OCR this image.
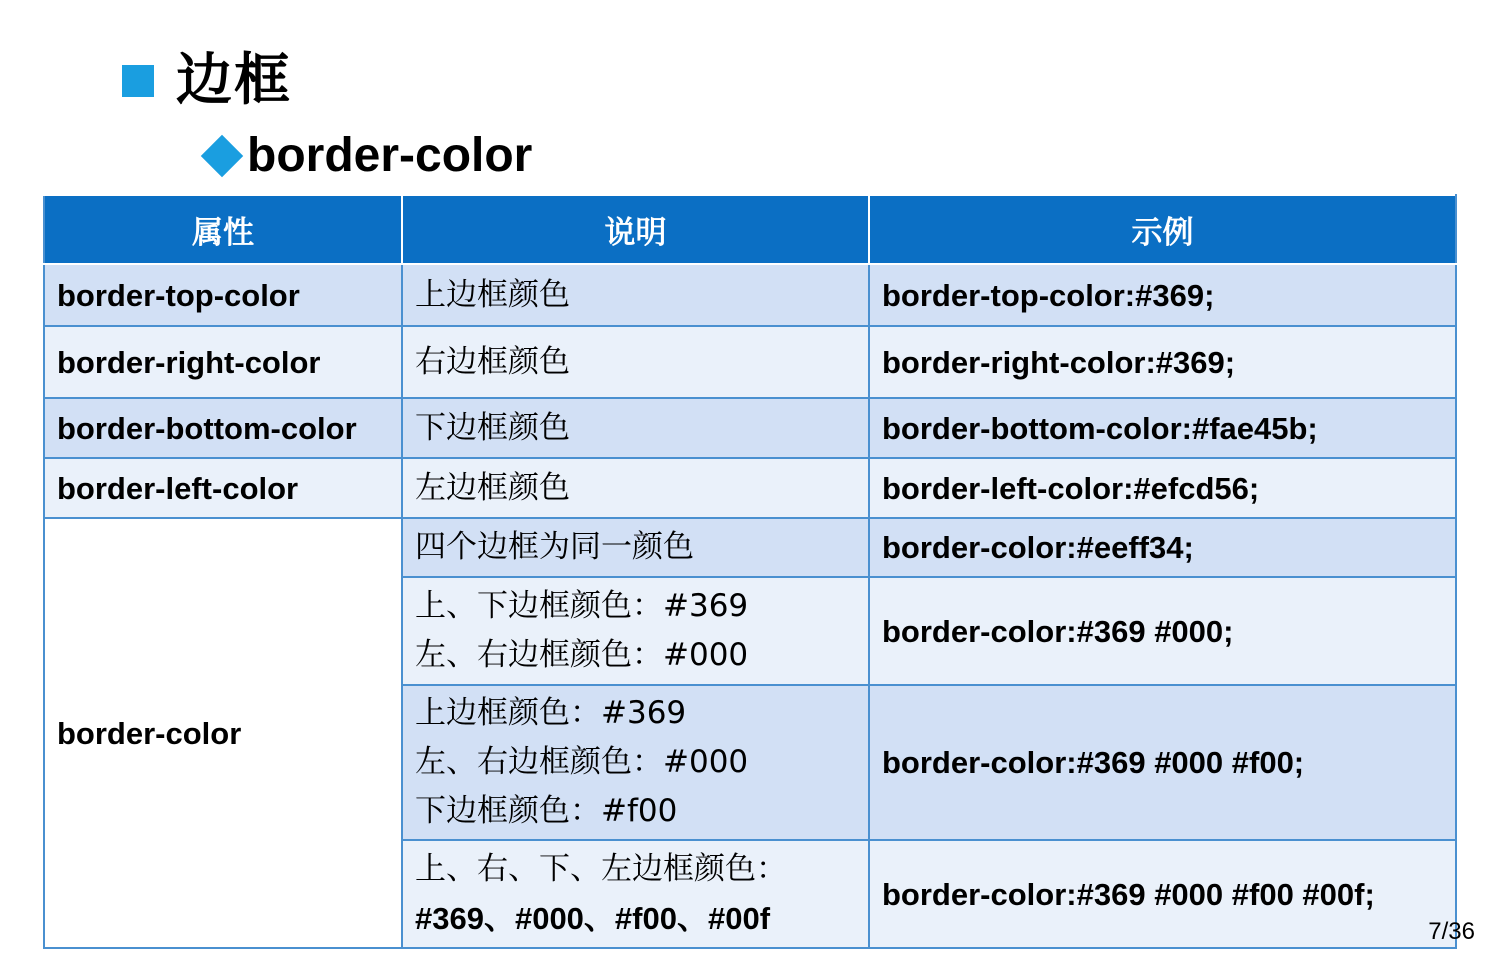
边框
border-color
属性	说明	示例
border-top-color	上边框颜色	border-top-color:#369;
border-right-color	右边框颜色	border-right-color:#369;
border-bottom-color	下边框颜色	border-bottom-color:#fae45b;
border-left-color	左边框颜色	border-left-color:#efcd56;
border-color	四个边框为同一颜色	border-color:#eeff34;

	上、下边框颜色：#369
左、右边框颜色：#000	border-color:#369 #000;

	上边框颜色：#369
左、右边框颜色：#000
下边框颜色：#f00	border-color:#369 #000 #f00;

	上、右、下、左边框颜色：
#369、#000、#f00、#00f	border-color:#369 #000 #f00 #00f;
7/36
